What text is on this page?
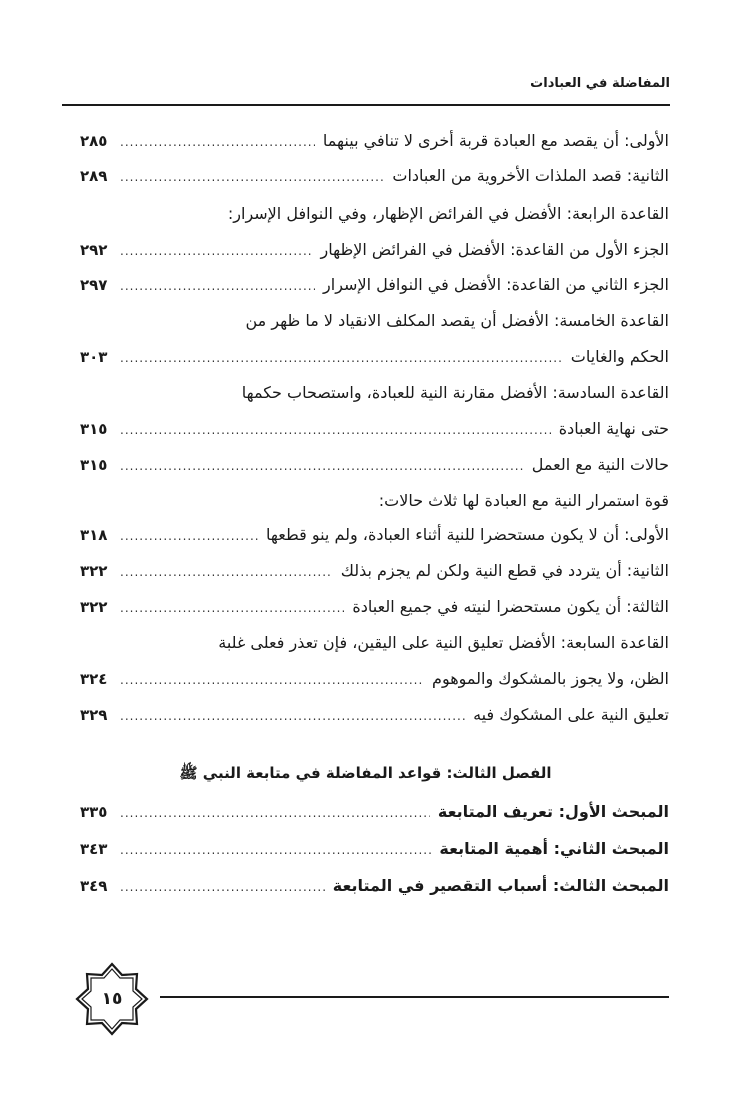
المفاضلة في العبادات
الأولى: أن يقصد مع العبادة قربة أخرى لا تنافي بينهما
.....
٢٨٥
الثانية: قصد الملذات الأخروية من العبادات
.....
٢٨٩
القاعدة الرابعة: الأفضل في الفرائض الإظهار، وفي النوافل الإسرار:
الجزء الأول من القاعدة: الأفضل في الفرائض الإظهار
.....
٢٩٢
الجزء الثاني من القاعدة: الأفضل في النوافل الإسرار
.....
٢٩٧
القاعدة الخامسة: الأفضل أن يقصد المكلف الانقياد لا ما ظهر من
الحكم والغايات
.....
٣٠٣
القاعدة السادسة: الأفضل مقارنة النية للعبادة، واستصحاب حكمها
حتى نهاية العبادة
.....
٣١٥
حالات النية مع العمل
.....
٣١٥
قوة استمرار النية مع العبادة لها ثلاث حالات:
الأولى: أن لا يكون مستحضرا للنية أثناء العبادة، ولم ينو قطعها
.....
٣١٨
الثانية: أن يتردد في قطع النية ولكن لم يجزم بذلك
.....
٣٢٢
الثالثة: أن يكون مستحضرا لنيته في جميع العبادة
.....
٣٢٢
القاعدة السابعة: الأفضل تعليق النية على اليقين، فإن تعذر فعلى غلبة
الظن، ولا يجوز بالمشكوك والموهوم
.....
٣٢٤
تعليق النية على المشكوك فيه
.....
٣٢٩
الفصل الثالث: قواعد المفاضلة في متابعة النبي ﷺ
المبحث الأول: تعريف المتابعة
.....
٣٣٥
المبحث الثاني: أهمية المتابعة
.....
٣٤٣
المبحث الثالث: أسباب التقصير في المتابعة
.....
٣٤٩
١٥
